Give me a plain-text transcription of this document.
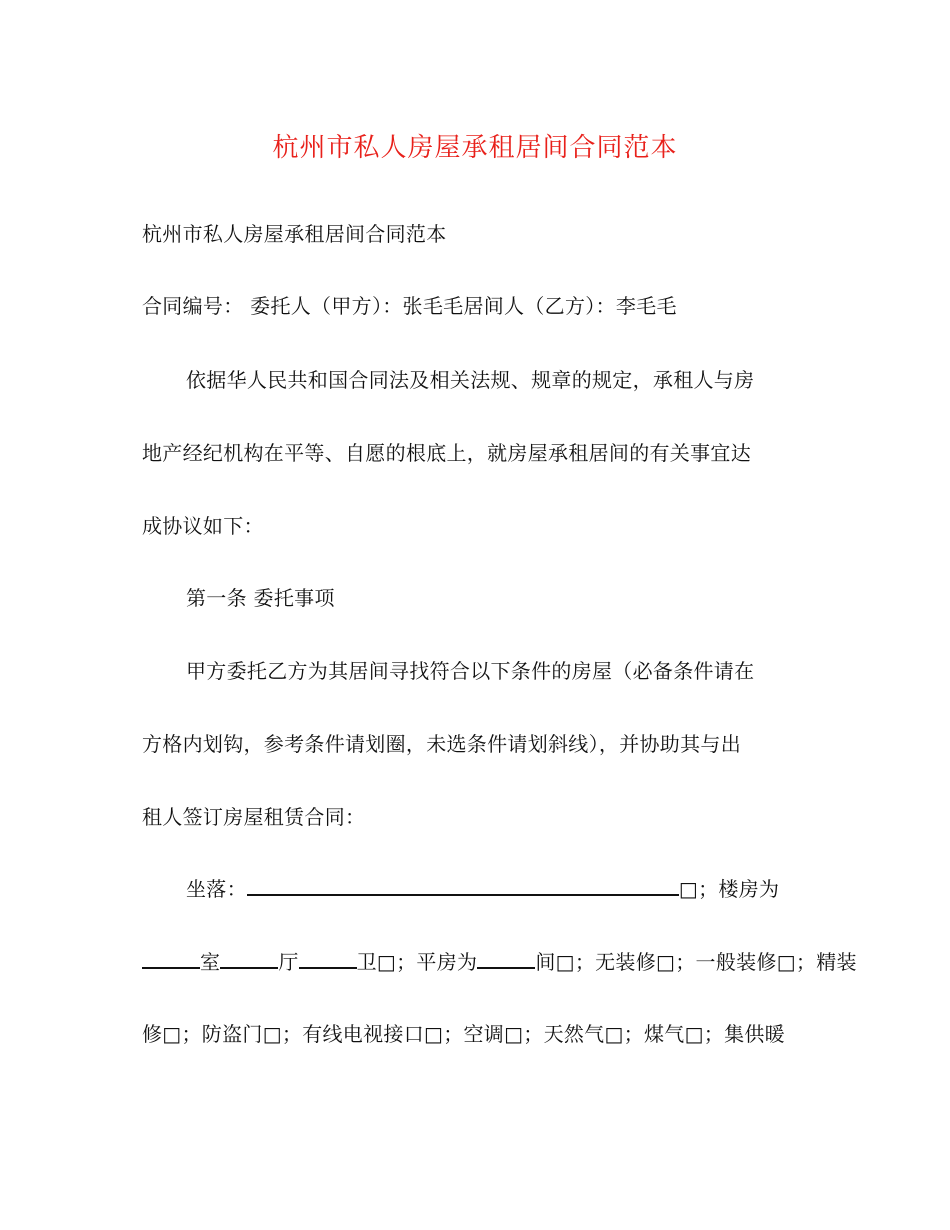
杭州市私人房屋承租居间合同范本
杭州市私人房屋承租居间合同范本
合同编号： 委托人（甲方）：张毛毛居间人（乙方）：李毛毛
依据华人民共和国合同法及相关法规、规章的规定，承租人与房
地产经纪机构在平等、自愿的根底上，就房屋承租居间的有关事宜达
成协议如下：
第一条 委托事项
甲方委托乙方为其居间寻找符合以下条件的房屋（必备条件请在
方格内划钩，参考条件请划圈，未选条件请划斜线），并协助其与出
租人签订房屋租赁合同：
坐落：	□；楼房为
室	厅	卫□；平房为	间□；无装修□；一般装修□；精装
修□；防盗门□；有线电视接口□；空调□；天然气□；煤气□；集供暖
